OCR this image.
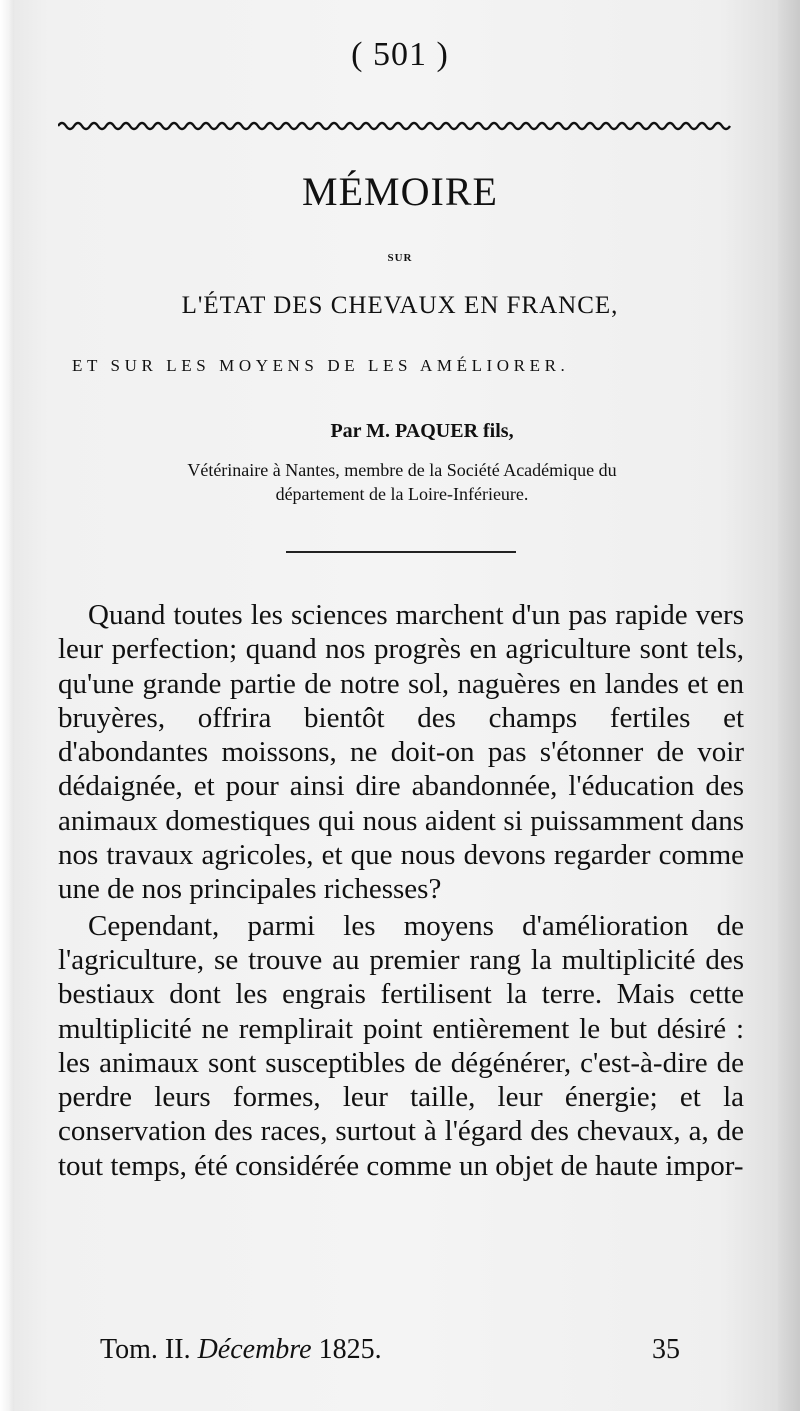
( 501 )
MÉMOIRE
SUR
L'ÉTAT DES CHEVAUX EN FRANCE,
ET SUR LES MOYENS DE LES AMÉLIORER.
Par M. PAQUER fils,
Vétérinaire à Nantes, membre de la Société Académique du
département de la Loire-Inférieure.

Quand toutes les sciences marchent d'un pas rapide vers leur perfection; quand nos progrès en agriculture sont tels, qu'une grande partie de notre sol, naguères en landes et en bruyères, offrira bientôt des champs fertiles et d'abondantes moissons, ne doit-on pas s'étonner de voir dédaignée, et pour ainsi dire abandonnée, l'éducation des animaux domestiques qui nous aident si puissamment dans nos travaux agricoles, et que nous devons regarder comme une de nos principales richesses?

Cependant, parmi les moyens d'amélioration de l'agriculture, se trouve au premier rang la multiplicité des bestiaux dont les engrais fertilisent la terre. Mais cette multiplicité ne remplirait point entièrement le but désiré : les animaux sont susceptibles de dégénérer, c'est-à-dire de perdre leurs formes, leur taille, leur énergie; et la conservation des races, surtout à l'égard des chevaux, a, de tout temps, été considérée comme un objet de haute impor-

Tom. II. Décembre 1825.	35
